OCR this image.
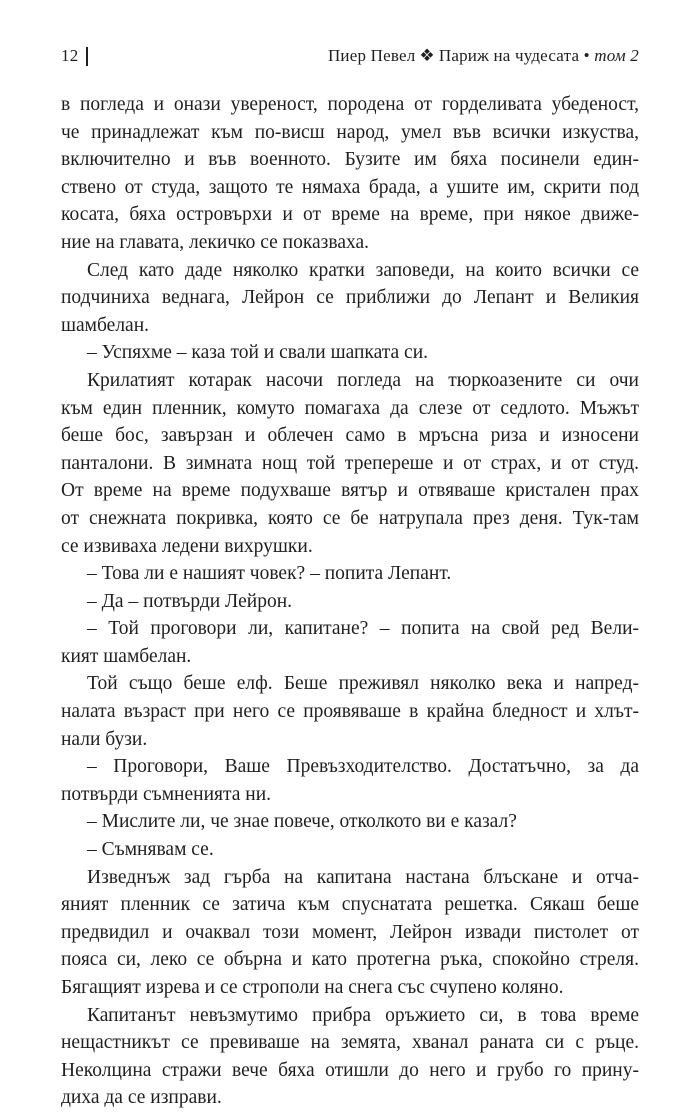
12	Пиер Певел ❖ Париж на чудесата • том 2
в погледа и онази увереност, породена от горделивата убеденост,
че принадлежат към по-висш народ, умел във всички изкуства,
включително и във военното. Бузите им бяха посинели един-
ствено от студа, защото те нямаха брада, а ушите им, скрити под
косата, бяха островърхи и от време на време, при някое движе-
ние на главата, лекичко се показваха.
След като даде няколко кратки заповеди, на които всички се
подчиниха веднага, Лейрон се приближи до Лепант и Великия
шамбелан.
– Успяхме – каза той и свали шапката си.
Крилатият котарак насочи погледа на тюркоазените си очи
към един пленник, комуто помагаха да слезе от седлото. Мъжът
беше бос, завързан и облечен само в мръсна риза и износени
панталони. В зимната нощ той трепереше и от страх, и от студ.
От време на време подухваше вятър и отвяваше кристален прах
от снежната покривка, която се бе натрупала през деня. Тук-там
се извиваха ледени вихрушки.
– Това ли е нашият човек? – попита Лепант.
– Да – потвърди Лейрон.
– Той проговори ли, капитане? – попита на свой ред Вели-
кият шамбелан.
Той също беше елф. Беше преживял няколко века и напред-
налата възраст при него се проявяваше в крайна бледност и хлът-
нали бузи.
– Проговори, Ваше Превъзходителство. Достатъчно, за да
потвърди съмненията ни.
– Мислите ли, че знае повече, отколкото ви е казал?
– Съмнявам се.
Изведнъж зад гърба на капитана настана блъскане и отча-
яният пленник се затича към спуснатата решетка. Сякаш беше
предвидил и очаквал този момент, Лейрон извади пистолет от
пояса си, леко се обърна и като протегна ръка, спокойно стреля.
Бягащият изрева и се строполи на снега със счупено коляно.
Капитанът невъзмутимо прибра оръжието си, в това време
нещастникът се превиваше на земята, хванал раната си с ръце.
Неколцина стражи вече бяха отишли до него и грубо го прину-
диха да се изправи.
